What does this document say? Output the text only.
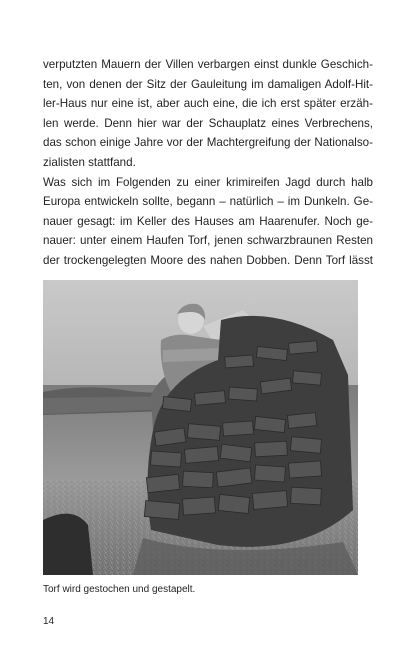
verputzten Mauern der Villen verbargen einst dunkle Geschich-
ten, von denen der Sitz der Gauleitung im damaligen Adolf-Hit-
ler-Haus nur eine ist, aber auch eine, die ich erst später erzäh-
len werde. Denn hier war der Schauplatz eines Verbrechens,
das schon einige Jahre vor der Machtergreifung der Nationalso-
zialisten stattfand.
Was sich im Folgenden zu einer krimireifen Jagd durch halb
Europa entwickeln sollte, begann – natürlich – im Dunkeln. Ge-
nauer gesagt: im Keller des Hauses am Haarenufer. Noch ge-
nauer: unter einem Haufen Torf, jenen schwarzbraunen Resten
der trockengelegten Moore des nahen Dobben. Denn Torf lässt
Torf wird gestochen und gestapelt.
14
